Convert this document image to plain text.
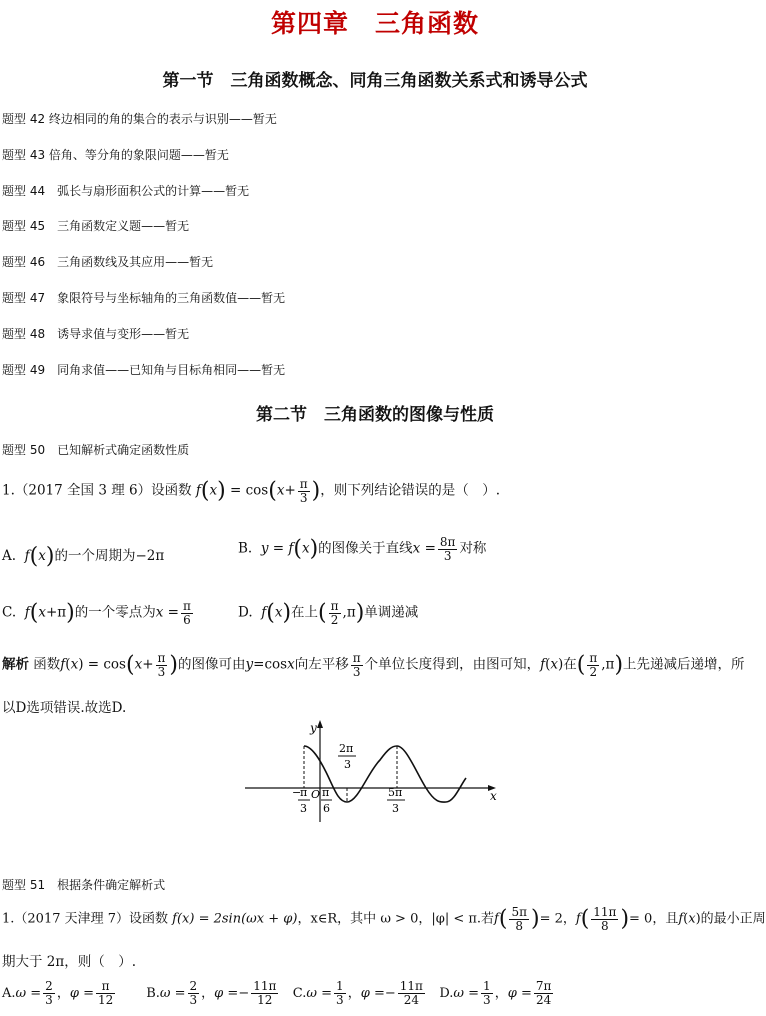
第四章　三角函数
第一节　三角函数概念、同角三角函数关系式和诱导公式
题型 42 终边相同的角的集合的表示与识别——暂无
题型 43 倍角、等分角的象限问题——暂无
题型 44　弧长与扇形面积公式的计算——暂无
题型 45　三角函数定义题——暂无
题型 46　三角函数线及其应用——暂无
题型 47　象限符号与坐标轴角的三角函数值——暂无
题型 48　诱导求值与变形——暂无
题型 49　同角求值——已知角与目标角相同——暂无
第二节　三角函数的图像与性质
题型 50　已知解析式确定函数性质
1.（2017 全国 3 理 6）设函数 $f(x) = \cos(x+ \frac{\pi}{3}$ )，则下列结论错误的是（　）.
A. f(x)的一个周期为−2π	B. y = f(x)的图像关于直线$x = \frac{8\pi}{3}$ 对称
C. f(x+π)的一个零点为$x = \frac{\pi}{6}$	D. f(x)在上( $\frac{\pi}{2} ,\pi$)单调递减
解析 函数$f(x) = \cos(x+ \frac{\pi}{3}$ )的图像可由y=cosx向左平移 $\frac{\pi}{3}$ 个单位长度得到，由图可知，f(x)在( $\frac{\pi}{2} ,\pi$)上先递减后递增，所
以D选项错误.故选D.
y
x
2π
3
−
π
3
O π
6
5π
3
题型 51　根据条件确定解析式
1.（2017 天津理 7）设函数 f(x) = 2sin(ωx + φ)，x∈R，其中 ω > 0，|φ| < π.若$f( \frac{5\pi}{8}$ )= 2，$f( \frac{11\pi}{8}$ )= 0，且f(x)的最小正周
期大于 2π，则（　）.
$A.\omega = \frac{2}{3}$ ，$\varphi = \frac{\pi}{12} B.\omega = \frac{2}{3}$ ，$\varphi =- \frac{11\pi}{12} C.\omega = \frac{1}{3}$ ，$\varphi =- \frac{11\pi}{24} D.\omega = \frac{1}{3}$ ，$\varphi = \frac{7\pi}{24}$
